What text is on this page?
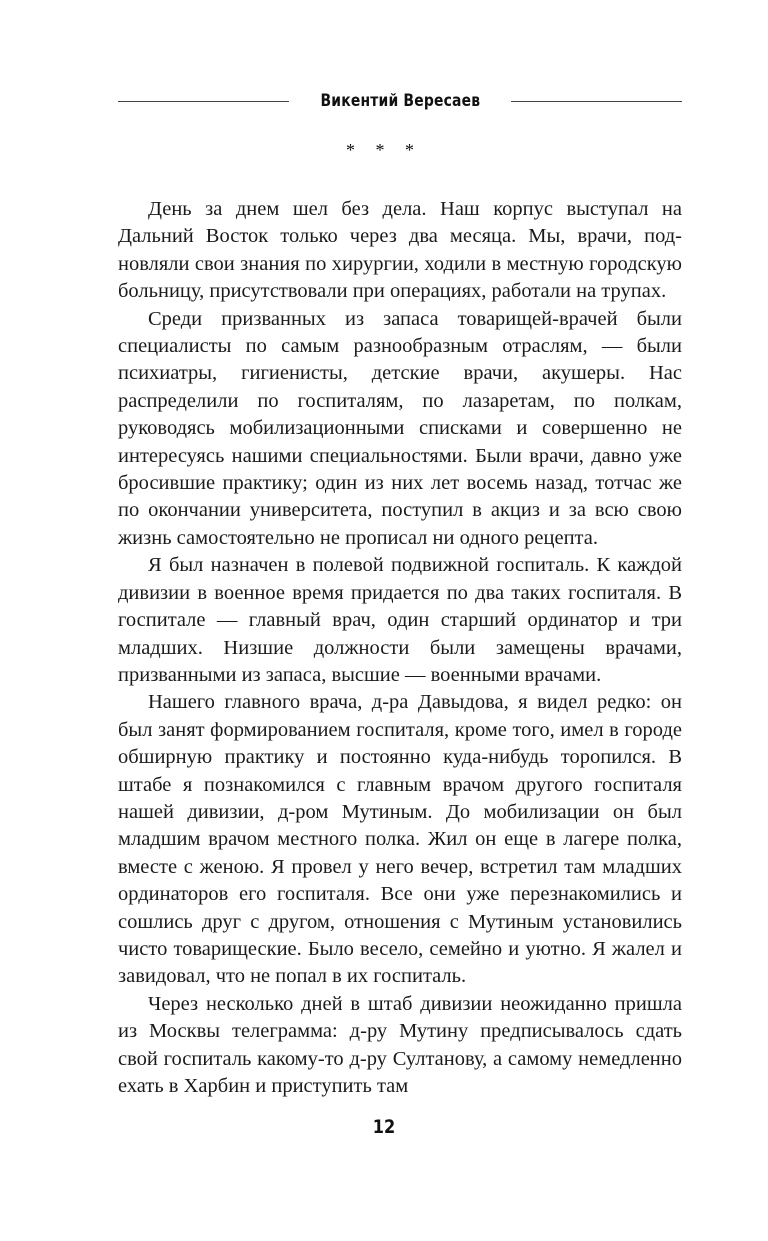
Викентий Вересаев
* * *

День за днем шел без дела. Наш корпус выступал на Дальний Восток только через два месяца. Мы, врачи, подновляли свои знания по хирургии, ходили в местную городскую больницу, присутствовали при операциях, работали на трупах.

Среди призванных из запаса товарищей-врачей были специалисты по самым разнообразным отраслям, — были психиатры, гигиенисты, детские врачи, акушеры. Нас распределили по госпиталям, по лазаретам, по полкам, руководясь мобилизационными списками и совершенно не интересуясь нашими специальностями. Были врачи, давно уже бросившие практику; один из них лет восемь назад, тотчас же по окончании университета, поступил в акциз и за всю свою жизнь самостоятельно не прописал ни одного рецепта.

Я был назначен в полевой подвижной госпиталь. К каждой дивизии в военное время придается по два таких госпиталя. В госпитале — главный врач, один старший ординатор и три младших. Низшие должности были замещены врачами, призванными из запаса, высшие — военными врачами.

Нашего главного врача, д-ра Давыдова, я видел редко: он был занят формированием госпиталя, кроме того, имел в городе обширную практику и постоянно куда-нибудь торопился. В штабе я познакомился с главным врачом другого госпиталя нашей дивизии, д-ром Мутиным. До мобилизации он был младшим врачом местного полка. Жил он еще в лагере полка, вместе с женою. Я провел у него вечер, встретил там младших ординаторов его госпиталя. Все они уже перезнакомились и сошлись друг с другом, отношения с Мутиным установились чисто товарищеские. Было весело, семейно и уютно. Я жалел и завидовал, что не попал в их госпиталь.

Через несколько дней в штаб дивизии неожиданно пришла из Москвы телеграмма: д-ру Мутину предписывалось сдать свой госпиталь какому-то д-ру Султанову, а самому немедленно ехать в Харбин и приступить там

12
